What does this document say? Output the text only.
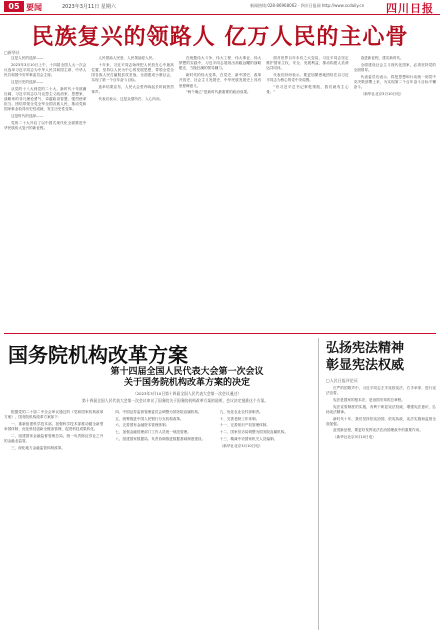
05 要闻	2023年3月11日 星期六	新闻热线:028-86968062 · 四川日报网 http://www.scdaily.cn 四川日报
民族复兴的领路人 亿万人民的主心骨
□新华社

这是人民的选择——

2023年3月10日上午，十四届全国人大一次会议选举习近平同志为中华人民共和国主席、中华人民共和国中央军事委员会主席。

这是历史的选择——

从党的十八大到党的二十大，新时代十年波澜壮阔，习近平同志以马克思主义政治家、思想家、战略家的非凡理论勇气、卓越政治智慧、强烈使命担当，团结带领全党全军全国各族人民，推动党和国家事业取得历史性成就、发生历史性变革。

这是时代的选择——

党的二十大开启了以中国式现代化全面推进中华民族伟大复兴的新征程。

人民领袖人民爱，人民领袖爱人民。

十年来，习近平同志始终把人民放在心中最高位置，坚持以人民为中心的发展思想，带领全党全国各族人民打赢脱贫攻坚战，全面建成小康社会，实现了第一个百年奋斗目标。

选举结果宣布，人民大会堂内响起长时间热烈掌声。

代表们表示，这是众望所归、人心所向。

在统揽伟大斗争、伟大工程、伟大事业、伟大梦想的实践中，习近平同志展现出高瞻远瞩的战略眼光、力挽狂澜的领导魄力。

新时代的伟大变革，在党史、新中国史、改革开放史、社会主义发展史、中华民族发展史上具有里程碑意义。

“两个确立”是新时代最重要的政治成果。

面对世界百年未有之大变局，习近平同志坚定维护国家主权、安全、发展利益，推动构建人类命运共同体。

代表们纷纷表示，要更加紧密地团结在以习近平同志为核心的党中央周围。

“有习近平总书记掌舵领航，我们就有主心骨。”

奋进新征程，建功新时代。

全面建设社会主义现代化国家，必须坚持党的全面领导。

代表委员们表示，将把思想和行动统一到党中央决策部署上来，为实现第二个百年奋斗目标不懈奋斗。

（新华社北京3月10日电）

国务院机构改革方案
第十四届全国人民代表大会第一次会议
关于国务院机构改革方案的决定
（2023年3月10日第十四届全国人民代表大会第一次会议通过）
第十四届全国人民代表大会第一次会议审议了国务院关于国务院机构改革方案的说明，会议决定批准这个方案。

根据党的二十届二中全会审议通过的《党和国家机构改革方案》，国务院机构改革方案如下：

一、重新组建科学技术部。加强科学技术部推动健全新型举国体制、优化科技创新全链条管理、促进科技成果转化。

二、组建国家金融监督管理总局。统一负责除证券业之外的金融业监管。

三、深化地方金融监管体制改革。

四、中国证券监督管理委员会调整为国务院直属机构。

五、统筹推进中国人民银行分支机构改革。

六、完善国有金融资本管理体制。

七、加强金融管理部门工作人员统一规范管理。

八、组建国家数据局。负责协调推进数据基础制度建设。

九、优化农业农村部职责。

十、完善老龄工作体制。

十一、完善知识产权管理体制。

十二、国家信访局调整为国务院直属机构。

十三、精减中央国家机关人员编制。

（新华社北京3月10日电）

弘扬宪法精神
彰显宪法权威
□人民日报评论员

庄严的国歌声中，习近平同志左手抚按宪法，右手举拳，进行宪法宣誓。

宪法是国家的根本法，是治国安邦的总章程。

宪法宣誓制度的实施，有利于彰显宪法权威，增强宪法意识，弘扬宪法精神。

新时代十年，我们坚持依宪治国、依宪执政，宪法实施和监督全面加强。

奋进新征程，要更好发挥宪法在治国理政中的重要作用。

（新华社北京3月10日电）
